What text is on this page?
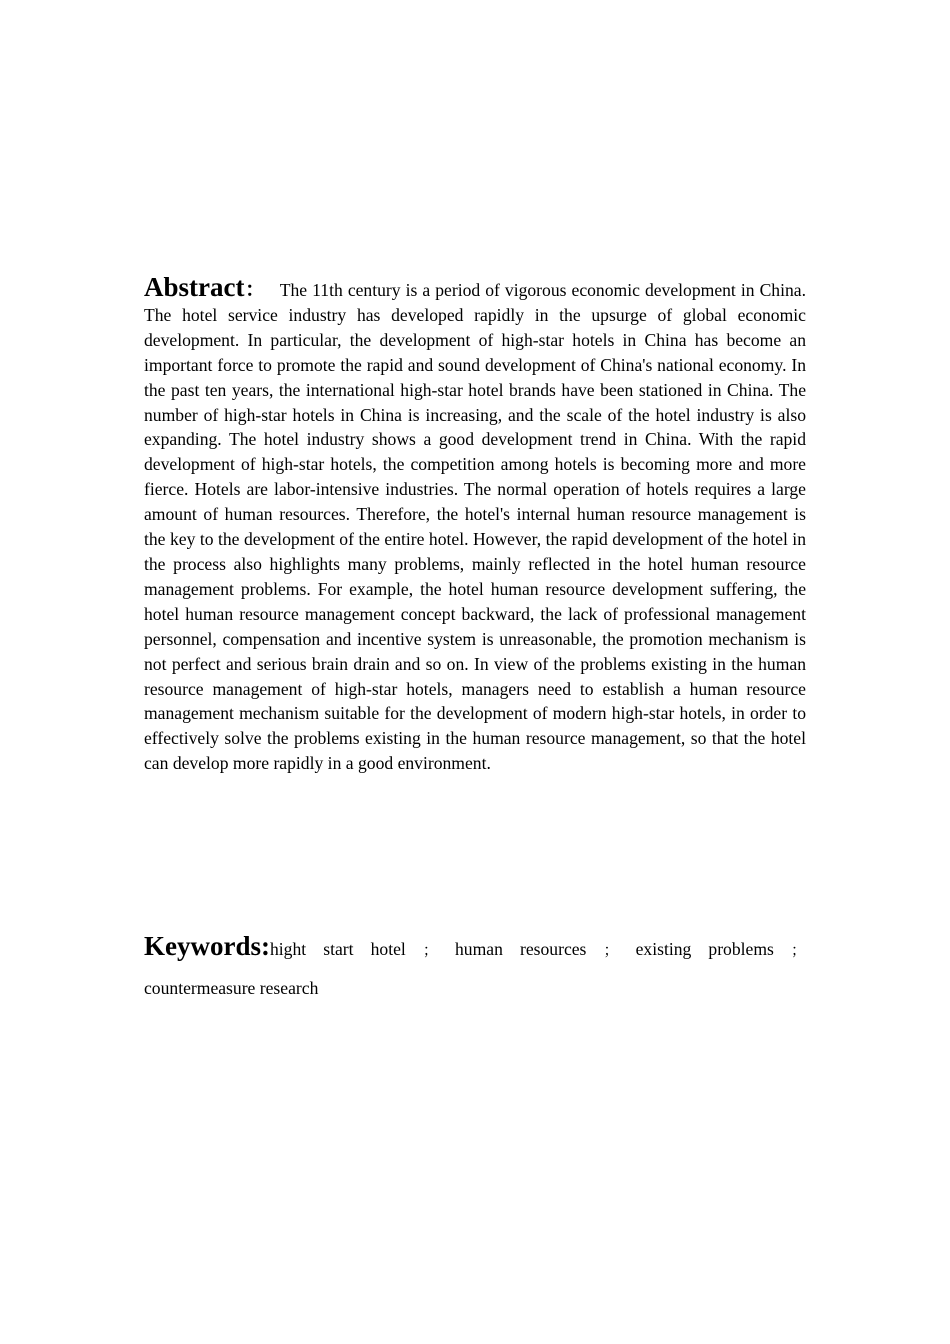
Abstract： The 11th century is a period of vigorous economic development in China. The hotel service industry has developed rapidly in the upsurge of global economic development. In particular, the development of high-star hotels in China has become an important force to promote the rapid and sound development of China's national economy. In the past ten years, the international high-star hotel brands have been stationed in China. The number of high-star hotels in China is increasing, and the scale of the hotel industry is also expanding. The hotel industry shows a good development trend in China. With the rapid development of high-star hotels, the competition among hotels is becoming more and more fierce. Hotels are labor-intensive industries. The normal operation of hotels requires a large amount of human resources. Therefore, the hotel's internal human resource management is the key to the development of the entire hotel. However, the rapid development of the hotel in the process also highlights many problems, mainly reflected in the hotel human resource management problems. For example, the hotel human resource development suffering, the hotel human resource management concept backward, the lack of professional management personnel, compensation and incentive system is unreasonable, the promotion mechanism is not perfect and serious brain drain and so on. In view of the problems existing in the human resource management of high-star hotels, managers need to establish a human resource management mechanism suitable for the development of modern high-star hotels, in order to effectively solve the problems existing in the human resource management, so that the hotel can develop more rapidly in a good environment.

Keywords:hight start hotel ； human resources ； existing problems ； countermeasure research
